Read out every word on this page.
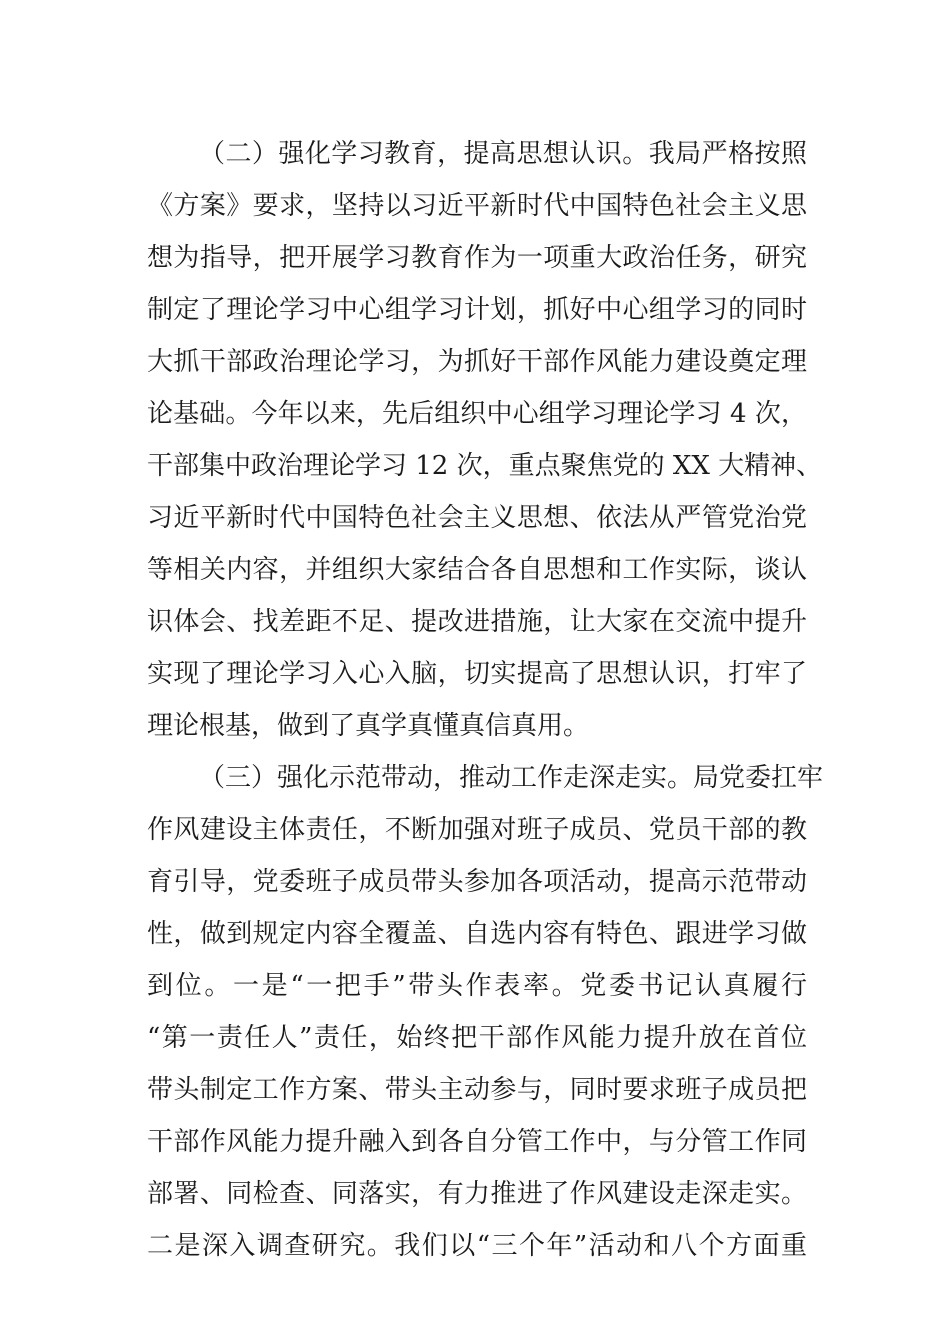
（二）强化学习教育，提高思想认识。我局严格按照
《方案》要求，坚持以习近平新时代中国特色社会主义思
想为指导，把开展学习教育作为一项重大政治任务，研究
制定了理论学习中心组学习计划，抓好中心组学习的同时
大抓干部政治理论学习，为抓好干部作风能力建设奠定理
论基础。今年以来，先后组织中心组学习理论学习 4 次，
干部集中政治理论学习 12 次，重点聚焦党的 XX 大精神、
习近平新时代中国特色社会主义思想、依法从严管党治党
等相关内容，并组织大家结合各自思想和工作实际，谈认
识体会、找差距不足、提改进措施，让大家在交流中提升
实现了理论学习入心入脑，切实提高了思想认识，打牢了
理论根基，做到了真学真懂真信真用。
（三）强化示范带动，推动工作走深走实。局党委扛牢
作风建设主体责任，不断加强对班子成员、党员干部的教
育引导，党委班子成员带头参加各项活动，提高示范带动
性，做到规定内容全覆盖、自选内容有特色、跟进学习做
到位。一是“一把手”带头作表率。党委书记认真履行
“第一责任人”责任，始终把干部作风能力提升放在首位
带头制定工作方案、带头主动参与，同时要求班子成员把
干部作风能力提升融入到各自分管工作中，与分管工作同
部署、同检查、同落实，有力推进了作风建设走深走实。
二是深入调查研究。我们以“三个年”活动和八个方面重
